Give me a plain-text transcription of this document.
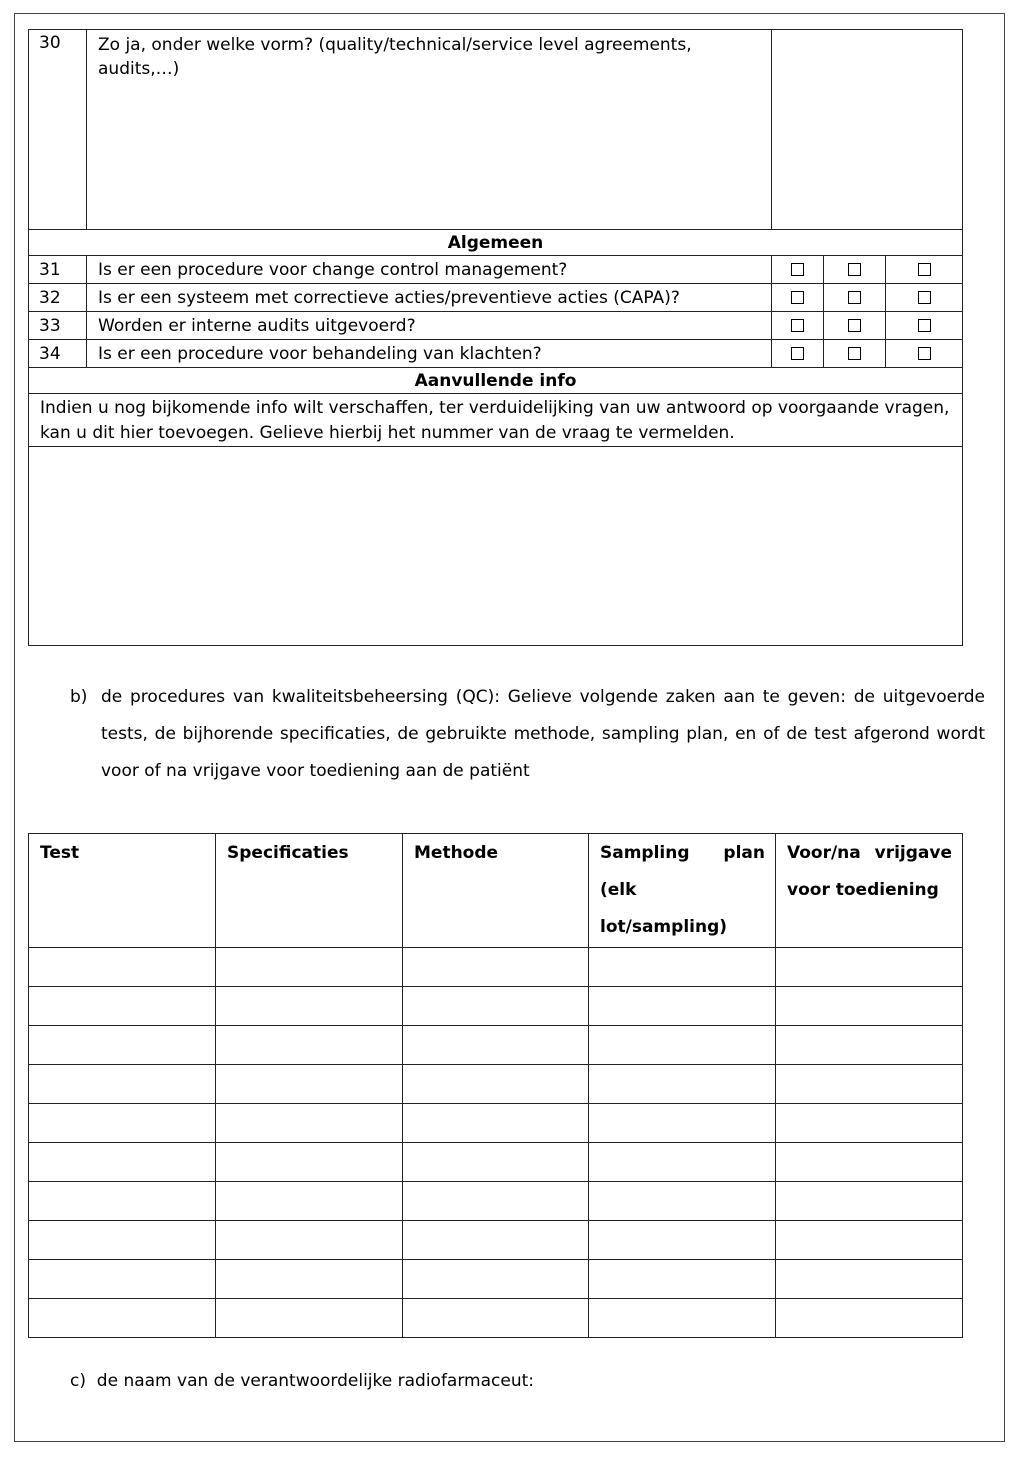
30	Zo ja, onder welke vorm? (quality/technical/service level agreements, audits,…)			
Algemeen				
31	Is er een procedure voor change control management?			
32	Is er een systeem met correctieve acties/preventieve acties (CAPA)?			
33	Worden er interne audits uitgevoerd?			
34	Is er een procedure voor behandeling van klachten?			
Aanvullende info				
Indien u nog bijkomende info wilt verschaffen, ter verduidelijking van uw antwoord op voorgaande vragen, kan u dit hier toevoegen. Gelieve hierbij het nummer van de vraag te vermelden.				

b) de procedures van kwaliteitsbeheersing (QC): Gelieve volgende zaken aan te geven: de uitgevoerde tests, de bijhorende specificaties, de gebruikte methode, sampling plan, en of de test afgerond wordt voor of na vrijgave voor toediening aan de patiënt
Test	Specificaties	Methode	Sampling plan (elk lot/sampling)	Voor/na vrijgave voor toediening

c) de naam van de verantwoordelijke radiofarmaceut:
